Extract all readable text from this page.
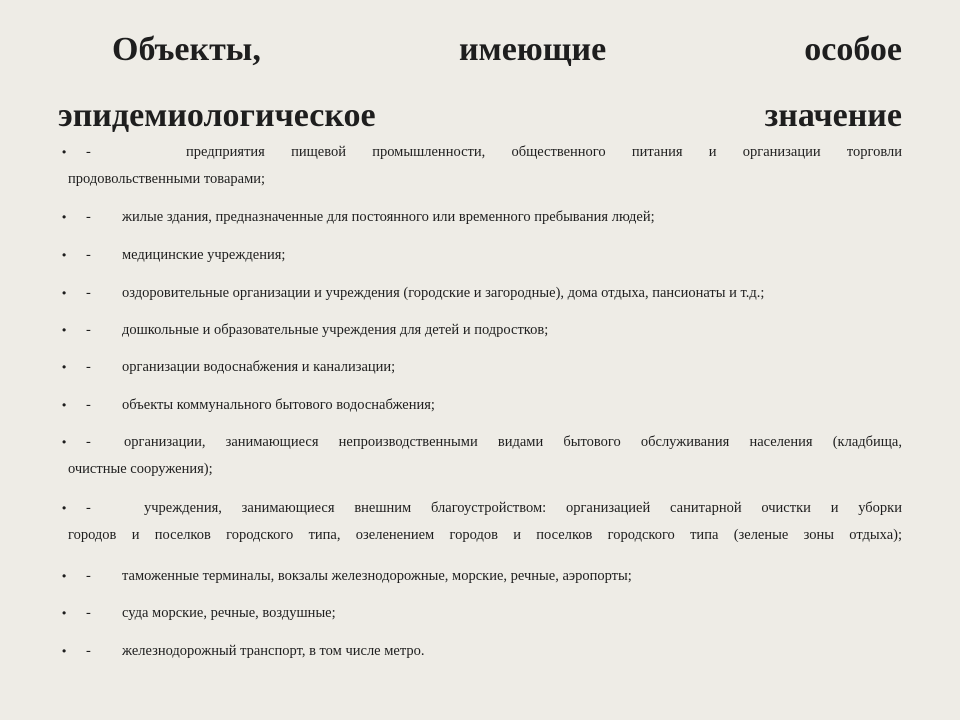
Объекты,	имеющие	особое
эпидемиологическое	значение
• -	предприятия пищевой промышленности, общественного питания и организации торговли
продовольственными товарами;
• -	жилые здания, предназначенные для постоянного или временного пребывания людей;
• -	медицинские учреждения;
• -	оздоровительные организации и учреждения (городские и загородные), дома отдыха, пансионаты и т.д.;
• -	дошкольные и образовательные учреждения для детей и подростков;
• -	организации водоснабжения и канализации;
• -	объекты коммунального бытового водоснабжения;
• -	организации, занимающиеся непроизводственными видами бытового обслуживания населения (кладбища,
очистные сооружения);
• -	учреждения, занимающиеся внешним благоустройством: организацией санитарной очистки и уборки
городов и поселков городского типа, озеленением городов и поселков городского типа (зеленые зоны отдыха);
• -	таможенные терминалы, вокзалы железнодорожные, морские, речные, аэропорты;
• -	суда морские, речные, воздушные;
• -	железнодорожный транспорт, в том числе метро.
